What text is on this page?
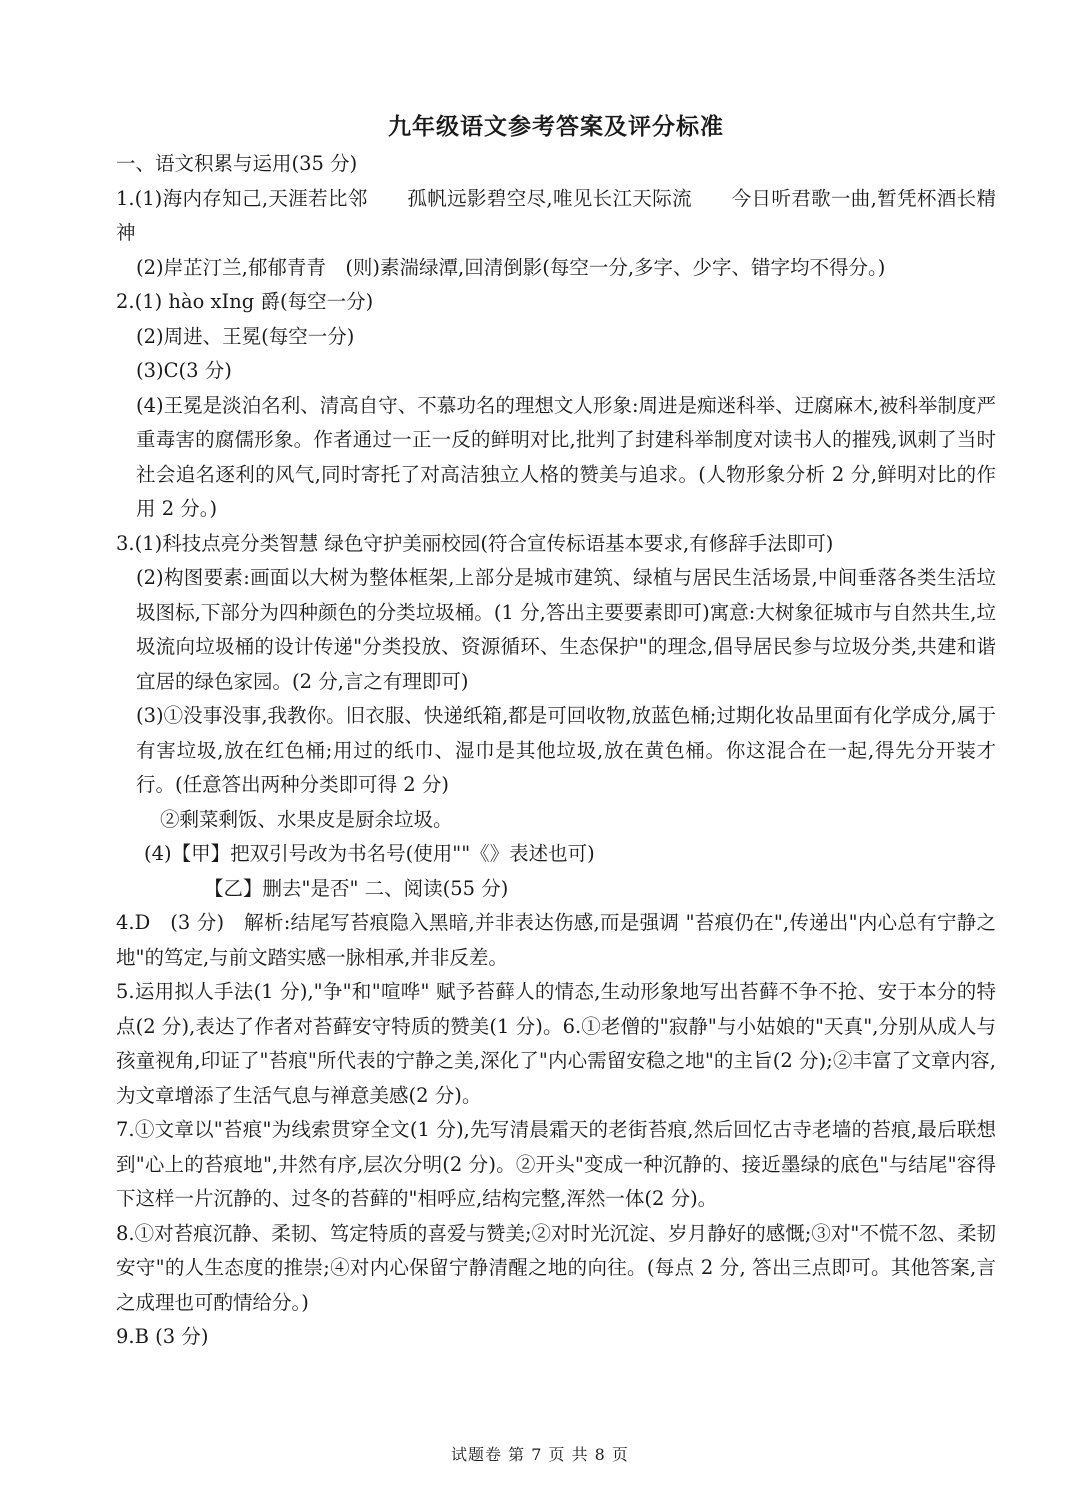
九年级语文参考答案及评分标准

一、语文积累与运用(35 分)

1.(1)海内存知己,天涯若比邻　　孤帆远影碧空尽,唯见长江天际流　　今日听君歌一曲,暂凭杯酒长精神

(2)岸芷汀兰,郁郁青青　(则)素湍绿潭,回清倒影(每空一分,多字、少字、错字均不得分。)

2.(1) hào xIng 爵(每空一分)

(2)周进、王冕(每空一分)

(3)C(3 分)

(4)王冕是淡泊名利、清高自守、不慕功名的理想文人形象:周进是痴迷科举、迂腐麻木,被科举制度严重毒害的腐儒形象。作者通过一正一反的鲜明对比,批判了封建科举制度对读书人的摧残,讽刺了当时社会追名逐利的风气,同时寄托了对高洁独立人格的赞美与追求。(人物形象分析 2 分,鲜明对比的作用 2 分。)

3.(1)科技点亮分类智慧 绿色守护美丽校园(符合宣传标语基本要求,有修辞手法即可)

(2)构图要素:画面以大树为整体框架,上部分是城市建筑、绿植与居民生活场景,中间垂落各类生活垃圾图标,下部分为四种颜色的分类垃圾桶。(1 分,答出主要要素即可)寓意:大树象征城市与自然共生,垃圾流向垃圾桶的设计传递"分类投放、资源循环、生态保护"的理念,倡导居民参与垃圾分类,共建和谐宜居的绿色家园。(2 分,言之有理即可)

(3)①没事没事,我教你。旧衣服、快递纸箱,都是可回收物,放蓝色桶;过期化妆品里面有化学成分,属于有害垃圾,放在红色桶;用过的纸巾、湿巾是其他垃圾,放在黄色桶。你这混合在一起,得先分开装才行。(任意答出两种分类即可得 2 分)

②剩菜剩饭、水果皮是厨余垃圾。

(4)【甲】把双引号改为书名号(使用""《》表述也可)

【乙】删去"是否" 二、阅读(55 分)

4.D　(3 分)　解析:结尾写苔痕隐入黑暗,并非表达伤感,而是强调 "苔痕仍在",传递出"内心总有宁静之地"的笃定,与前文踏实感一脉相承,并非反差。

5.运用拟人手法(1 分),"争"和"喧哗" 赋予苔藓人的情态,生动形象地写出苔藓不争不抢、安于本分的特点(2 分),表达了作者对苔藓安守特质的赞美(1 分)。6.①老僧的"寂静"与小姑娘的"天真",分别从成人与孩童视角,印证了"苔痕"所代表的宁静之美,深化了"内心需留安稳之地"的主旨(2 分);②丰富了文章内容,为文章增添了生活气息与禅意美感(2 分)。

7.①文章以"苔痕"为线索贯穿全文(1 分),先写清晨霜天的老街苔痕,然后回忆古寺老墙的苔痕,最后联想到"心上的苔痕地",井然有序,层次分明(2 分)。②开头"变成一种沉静的、接近墨绿的底色"与结尾"容得下这样一片沉静的、过冬的苔藓的"相呼应,结构完整,浑然一体(2 分)。

8.①对苔痕沉静、柔韧、笃定特质的喜爱与赞美;②对时光沉淀、岁月静好的感慨;③对"不慌不忽、柔韧安守"的人生态度的推崇;④对内心保留宁静清醒之地的向往。(每点 2 分, 答出三点即可。其他答案,言之成理也可酌情给分。)

9.B (3 分)

试题卷 第 7 页 共 8 页
